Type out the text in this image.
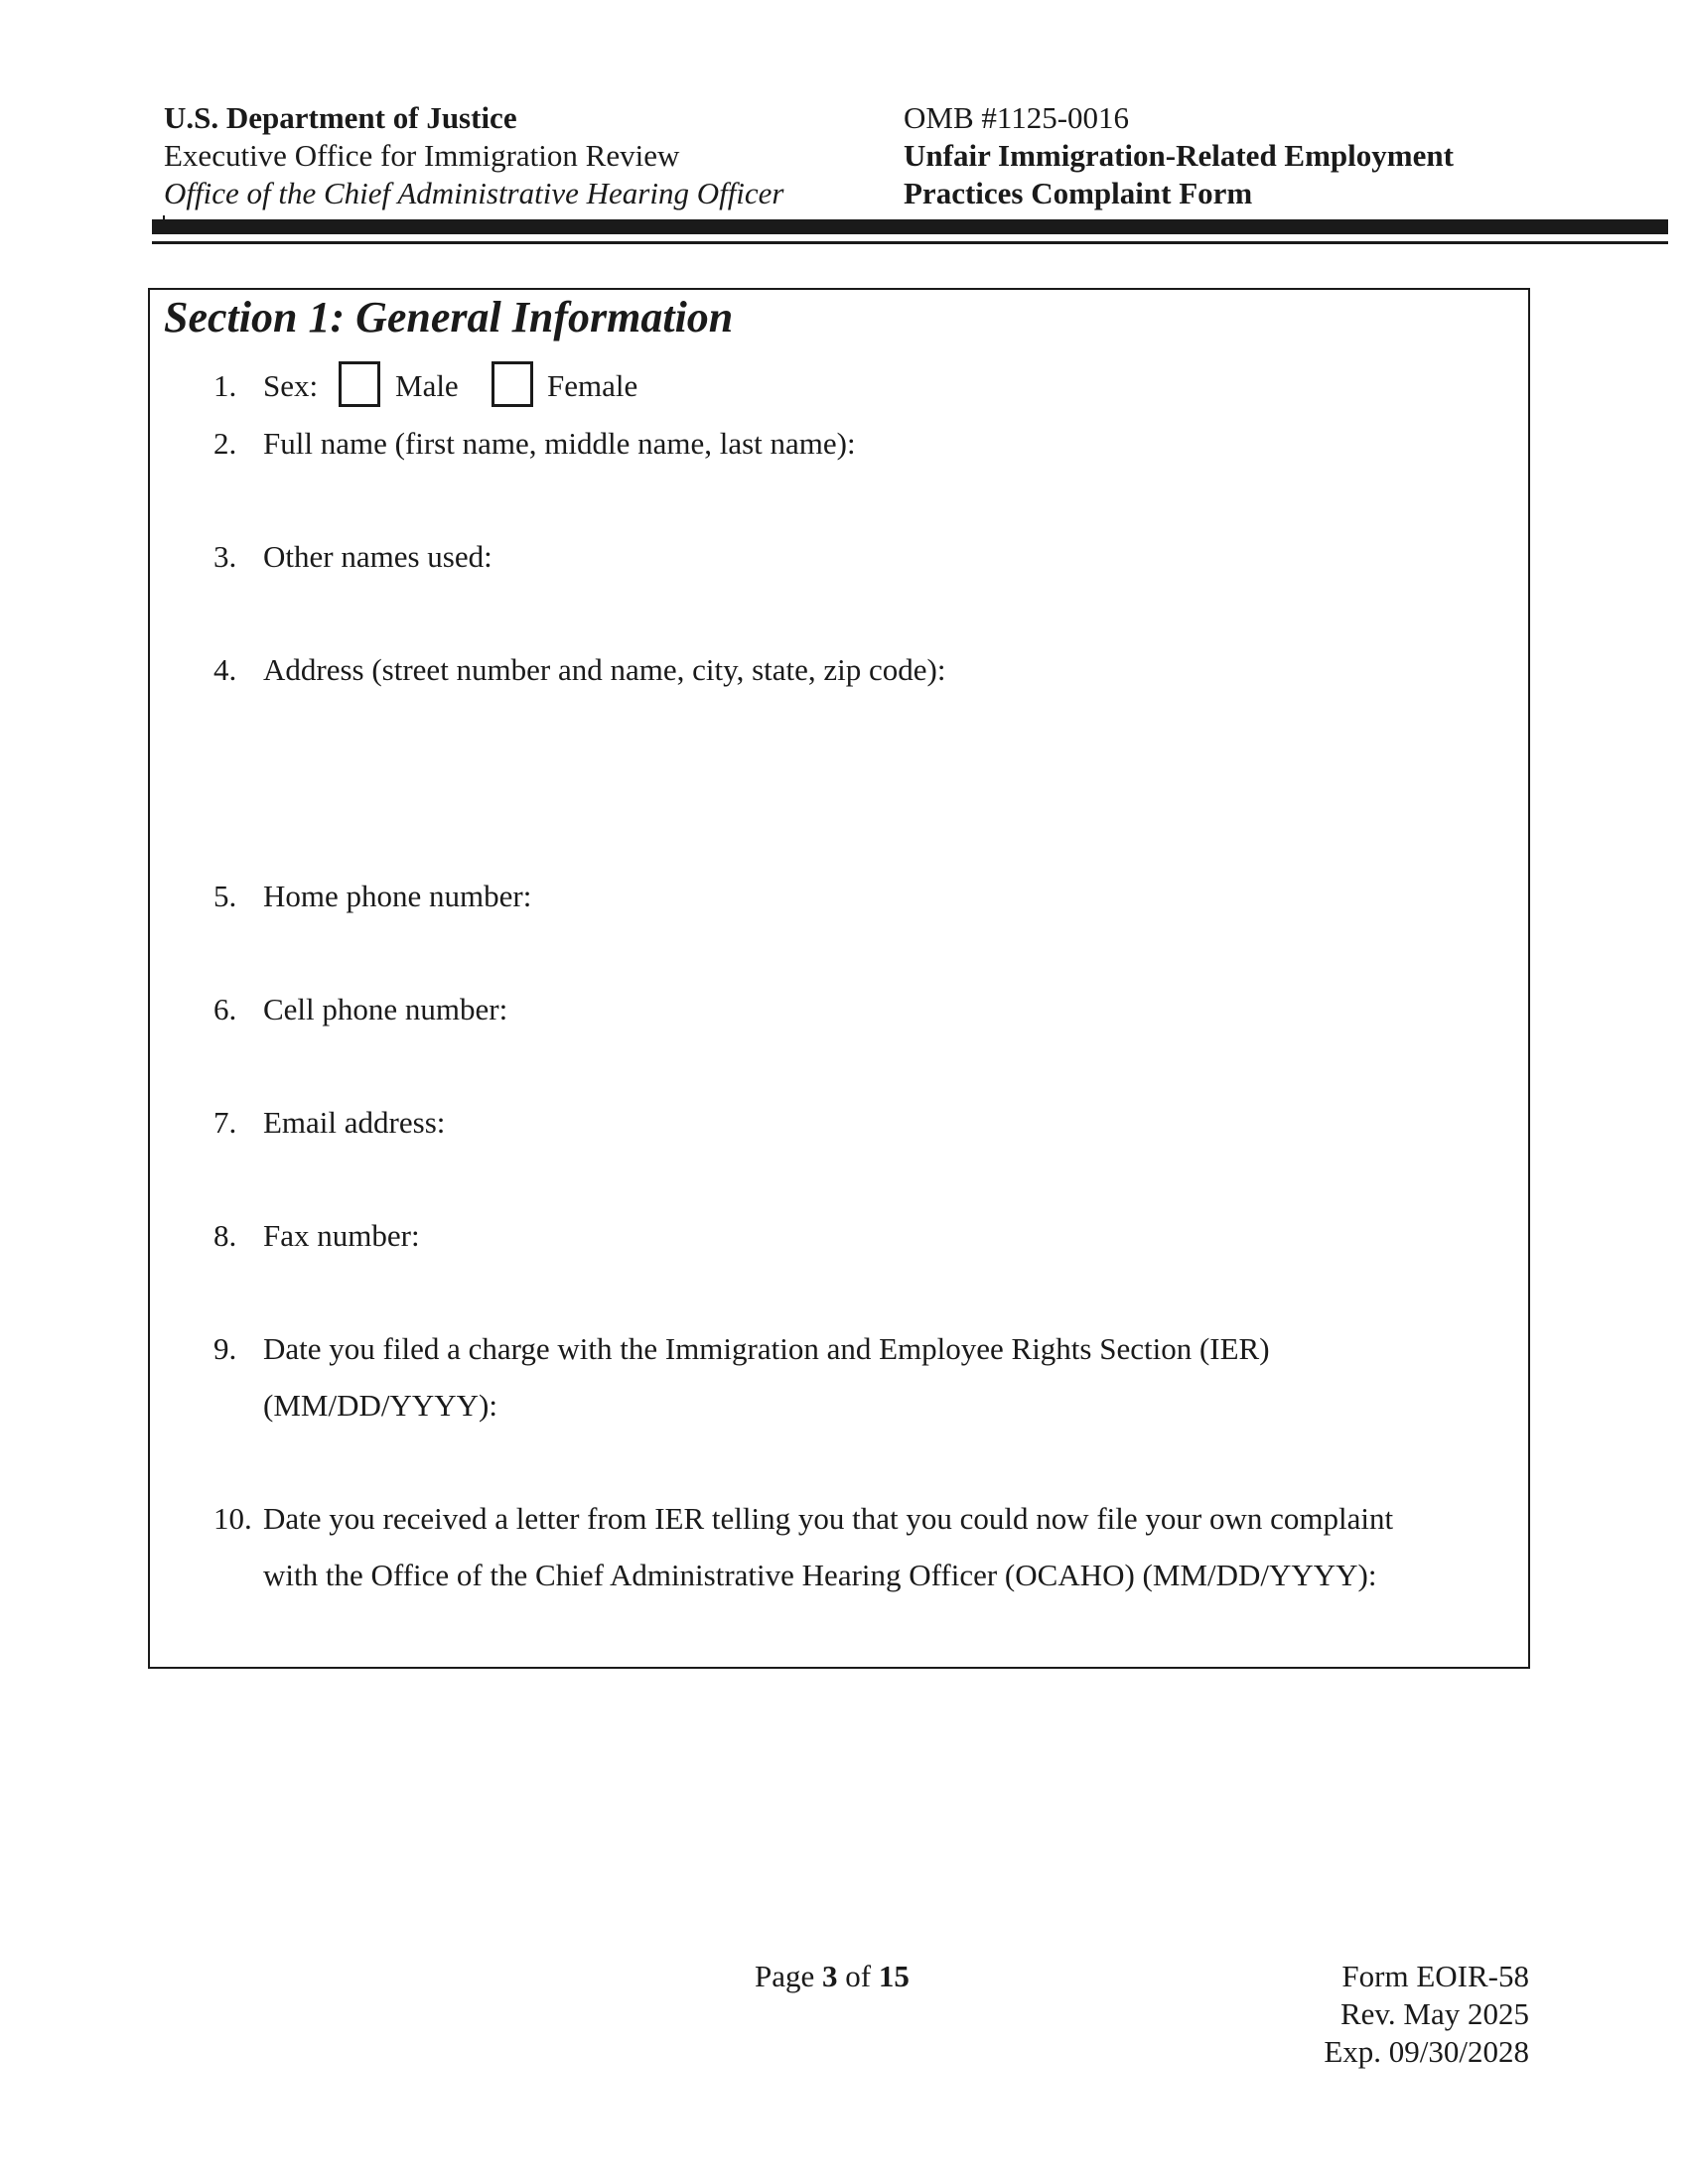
U.S. Department of Justice
Executive Office for Immigration Review
Office of the Chief Administrative Hearing Officer
OMB #1125-0016
Unfair Immigration-Related Employment
Practices Complaint Form
Section 1: General Information
1. Sex:	Male	Female
2. Full name (first name, middle name, last name):
3. Other names used:
4. Address (street number and name, city, state, zip code):
5. Home phone number:
6. Cell phone number:
7. Email address:
8. Fax number:
9. Date you filed a charge with the Immigration and Employee Rights Section (IER)
(MM/DD/YYYY):
10. Date you received a letter from IER telling you that you could now file your own complaint
with the Office of the Chief Administrative Hearing Officer (OCAHO) (MM/DD/YYYY):
Page 3 of 15	Form EOIR-58
Rev. May 2025
Exp. 09/30/2028
